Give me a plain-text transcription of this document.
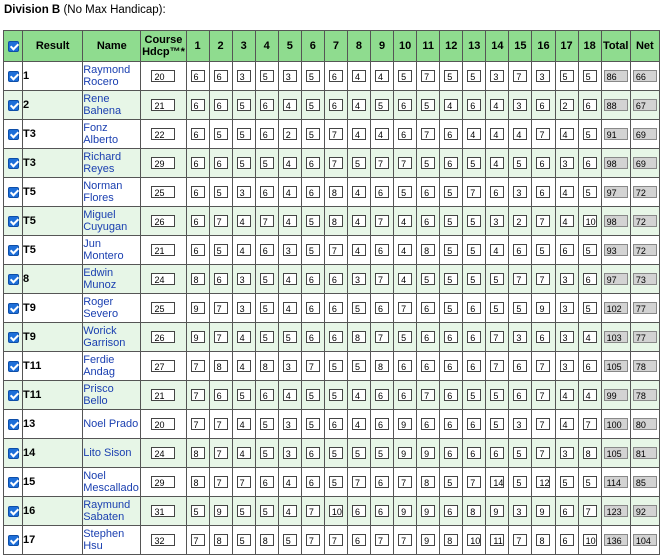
Division B (No Max Handicap):
	Result	Name	Course
Hdcp™*	1	2	3	4	5	6	7	8	9	10	11	12	13	14	15	16	17	18	Total	Net
	1	Raymond
Rocero	20	6	6	3	5	3	5	6	4	4	5	7	5	5	3	7	3	5	5	86	66
	2	Rene
Bahena	21	6	6	5	6	4	5	6	4	5	6	5	4	6	4	3	6	2	6	88	67
	T3	Fonz
Alberto	22	6	5	5	6	2	5	7	4	4	6	7	6	4	4	4	7	4	5	91	69
	T3	Richard
Reyes	29	6	6	5	5	4	6	7	5	7	7	5	6	5	4	5	6	3	6	98	69
	T5	Norman
Flores	25	6	5	3	6	4	6	8	4	6	5	6	5	7	6	3	6	4	5	97	72
	T5	Miguel
Cuyugan	26	6	7	4	7	4	5	8	4	7	4	6	5	5	3	2	7	4	10	98	72
	T5	Jun
Montero	21	6	5	4	6	3	5	7	4	6	4	8	5	5	4	6	5	6	5	93	72
	8	Edwin
Munoz	24	8	6	3	5	4	6	6	3	7	4	5	5	5	5	7	7	3	6	97	73
	T9	Roger
Severo	25	9	7	3	5	4	6	6	5	6	7	6	5	6	5	5	9	3	5	102	77
	T9	Worick
Garrison	26	9	7	4	5	5	6	6	8	7	5	6	6	6	7	3	6	3	4	103	77
	T11	Ferdie
Andag	27	7	8	4	8	3	7	5	5	8	6	6	6	6	7	6	7	3	6	105	78
	T11	Prisco
Bello	21	7	6	5	6	4	5	5	4	6	6	7	6	5	5	6	7	4	4	99	78
	13	Noel Prado	20	7	7	4	5	3	5	6	4	6	9	6	6	6	5	3	7	4	7	100	80
	14	Lito Sison	24	8	7	4	5	3	6	5	5	5	9	9	6	6	6	5	7	3	8	105	81
	15	Noel
Mescallado	29	8	7	7	6	4	6	5	7	6	7	8	5	7	14	5	12	5	5	114	85
	16	Raymund
Sabaten	31	5	9	5	5	4	7	10	6	6	9	9	6	8	9	3	9	6	7	123	92
	17	Stephen
Hsu	32	7	8	5	8	5	7	7	6	7	7	9	8	10	11	7	8	6	10	136	104
